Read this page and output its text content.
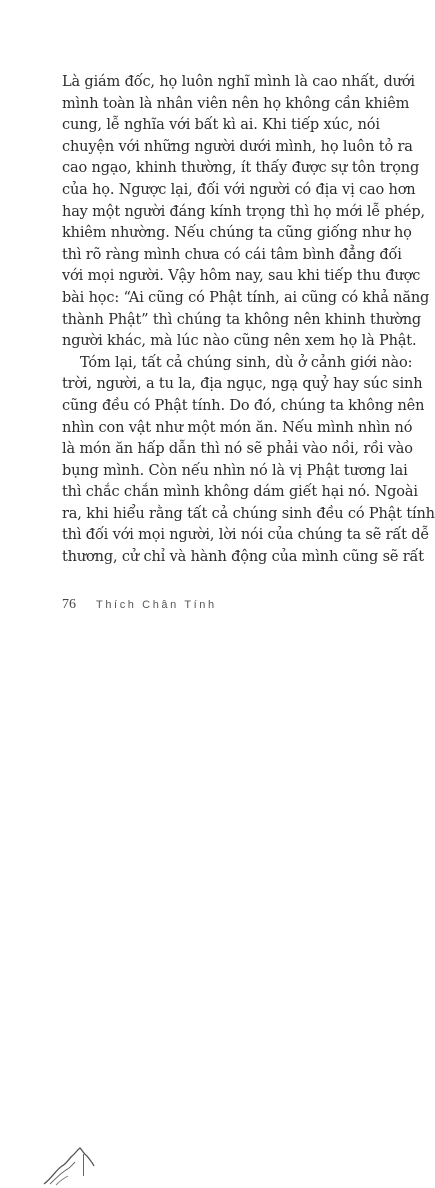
Là giám đốc, họ luôn nghĩ mình là cao nhất, dưới
mình toàn là nhân viên nên họ không cần khiêm
cung, lễ nghĩa với bất kì ai. Khi tiếp xúc, nói
chuyện với những người dưới mình, họ luôn tỏ ra
cao ngạo, khinh thường, ít thấy được sự tôn trọng
của họ. Ngược lại, đối với người có địa vị cao hơn
hay một người đáng kính trọng thì họ mới lễ phép,
khiêm nhường. Nếu chúng ta cũng giống như họ
thì rõ ràng mình chưa có cái tâm bình đẳng đối
với mọi người. Vậy hôm nay, sau khi tiếp thu được
bài học: “Ai cũng có Phật tính, ai cũng có khả năng
thành Phật” thì chúng ta không nên khinh thường
người khác, mà lúc nào cũng nên xem họ là Phật.

Tóm lại, tất cả chúng sinh, dù ở cảnh giới nào:
trời, người, a tu la, địa ngục, ngạ quỷ hay súc sinh
cũng đều có Phật tính. Do đó, chúng ta không nên
nhìn con vật như một món ăn. Nếu mình nhìn nó
là món ăn hấp dẫn thì nó sẽ phải vào nồi, rồi vào
bụng mình. Còn nếu nhìn nó là vị Phật tương lai
thì chắc chắn mình không dám giết hại nó. Ngoài
ra, khi hiểu rằng tất cả chúng sinh đều có Phật tính
thì đối với mọi người, lời nói của chúng ta sẽ rất dễ
thương, cử chỉ và hành động của mình cũng sẽ rất

76 Thích Chân Tính
